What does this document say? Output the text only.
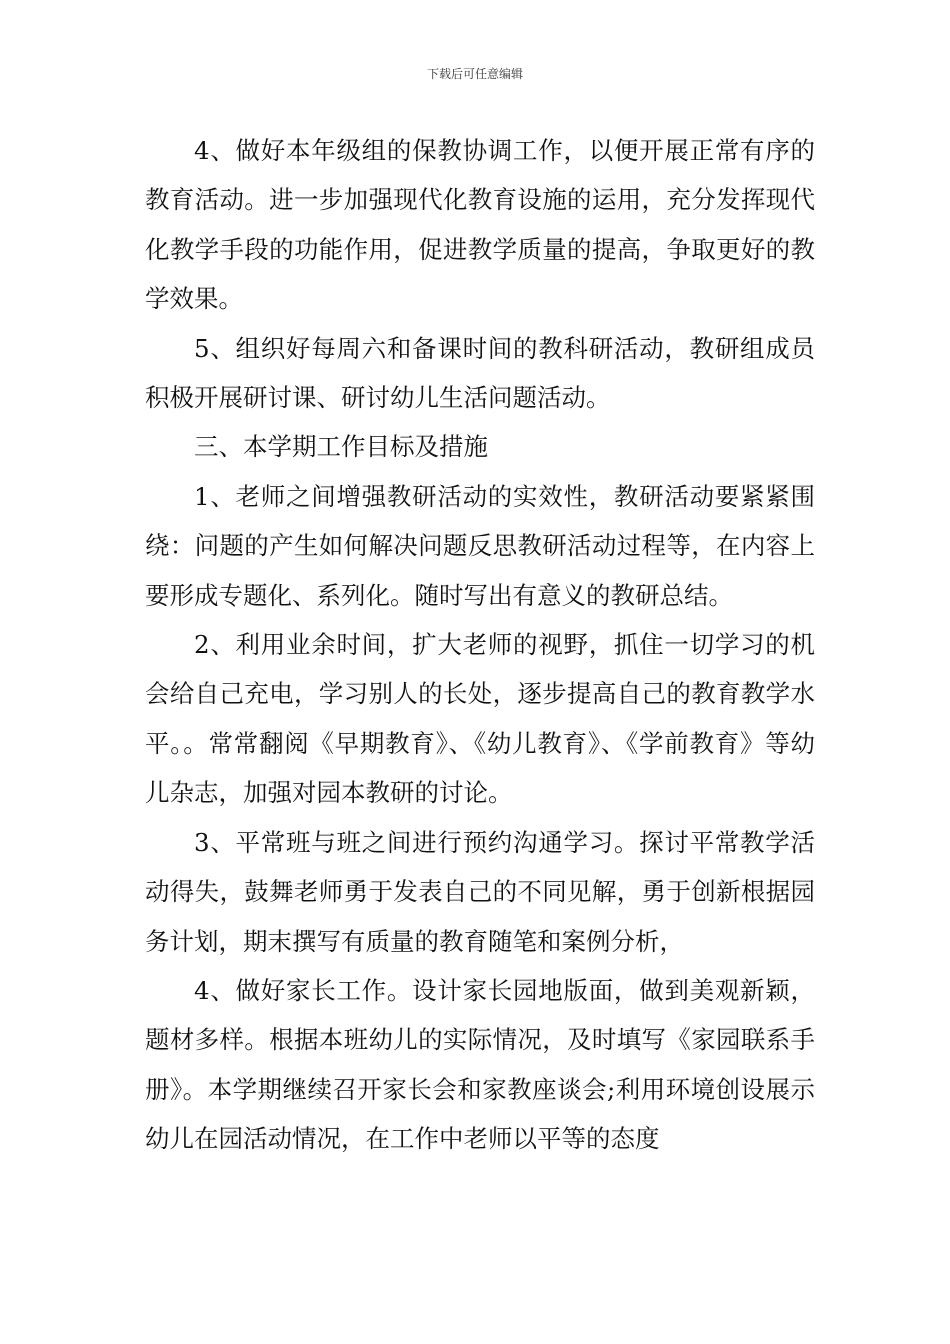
下载后可任意编辑

4、做好本年级组的保教协调工作，以便开展正常有序的教育活动。进一步加强现代化教育设施的运用，充分发挥现代化教学手段的功能作用，促进教学质量的提高，争取更好的教学效果。

5、组织好每周六和备课时间的教科研活动，教研组成员积极开展研讨课、研讨幼儿生活问题活动。

三、本学期工作目标及措施

1、老师之间增强教研活动的实效性，教研活动要紧紧围绕：问题的产生如何解决问题反思教研活动过程等，在内容上要形成专题化、系列化。随时写出有意义的教研总结。

2、利用业余时间，扩大老师的视野，抓住一切学习的机会给自己充电，学习别人的长处，逐步提高自己的教育教学水平。。常常翻阅《早期教育》、《幼儿教育》、《学前教育》等幼儿杂志，加强对园本教研的讨论。

3、平常班与班之间进行预约沟通学习。探讨平常教学活动得失，鼓舞老师勇于发表自己的不同见解，勇于创新根据园务计划，期末撰写有质量的教育随笔和案例分析，

4、做好家长工作。设计家长园地版面，做到美观新颖，题材多样。根据本班幼儿的实际情况，及时填写《家园联系手册》。本学期继续召开家长会和家教座谈会;利用环境创设展示幼儿在园活动情况，在工作中老师以平等的态度
